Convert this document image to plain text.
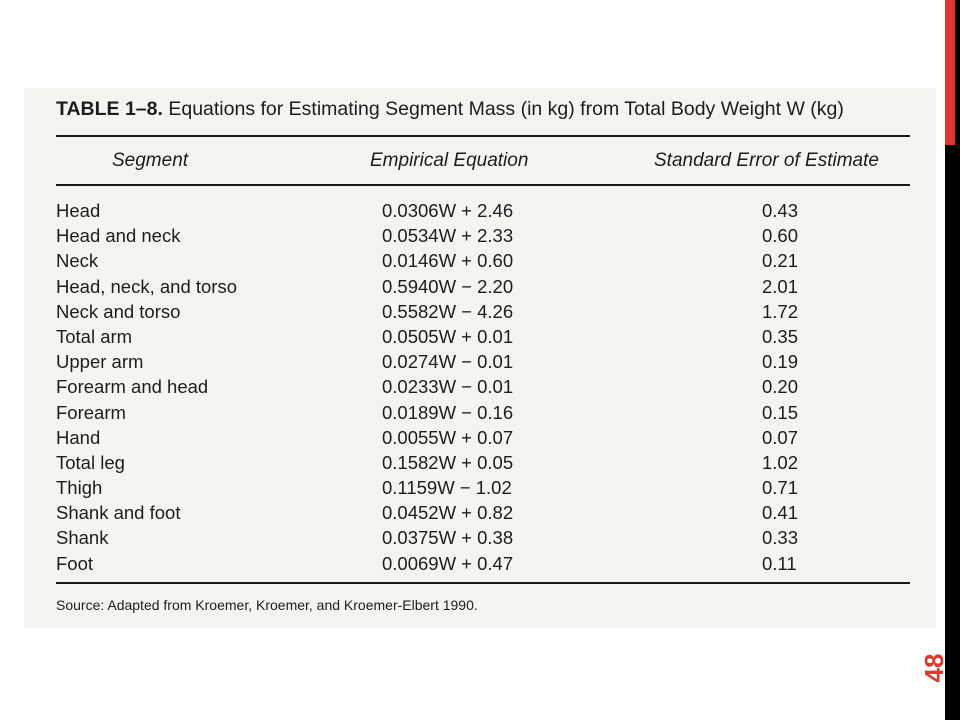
48
TABLE 1–8. Equations for Estimating Segment Mass (in kg) from Total Body Weight W (kg)
Segment	Empirical Equation	Standard Error of Estimate
Head	0.0306W + 2.46	0.43
Head and neck	0.0534W + 2.33	0.60
Neck	0.0146W + 0.60	0.21
Head, neck, and torso	0.5940W − 2.20	2.01
Neck and torso	0.5582W − 4.26	1.72
Total arm	0.0505W + 0.01	0.35
Upper arm	0.0274W − 0.01	0.19
Forearm and head	0.0233W − 0.01	0.20
Forearm	0.0189W − 0.16	0.15
Hand	0.0055W + 0.07	0.07
Total leg	0.1582W + 0.05	1.02
Thigh	0.1159W − 1.02	0.71
Shank and foot	0.0452W + 0.82	0.41
Shank	0.0375W + 0.38	0.33
Foot	0.0069W + 0.47	0.11
Source: Adapted from Kroemer, Kroemer, and Kroemer-Elbert 1990.
